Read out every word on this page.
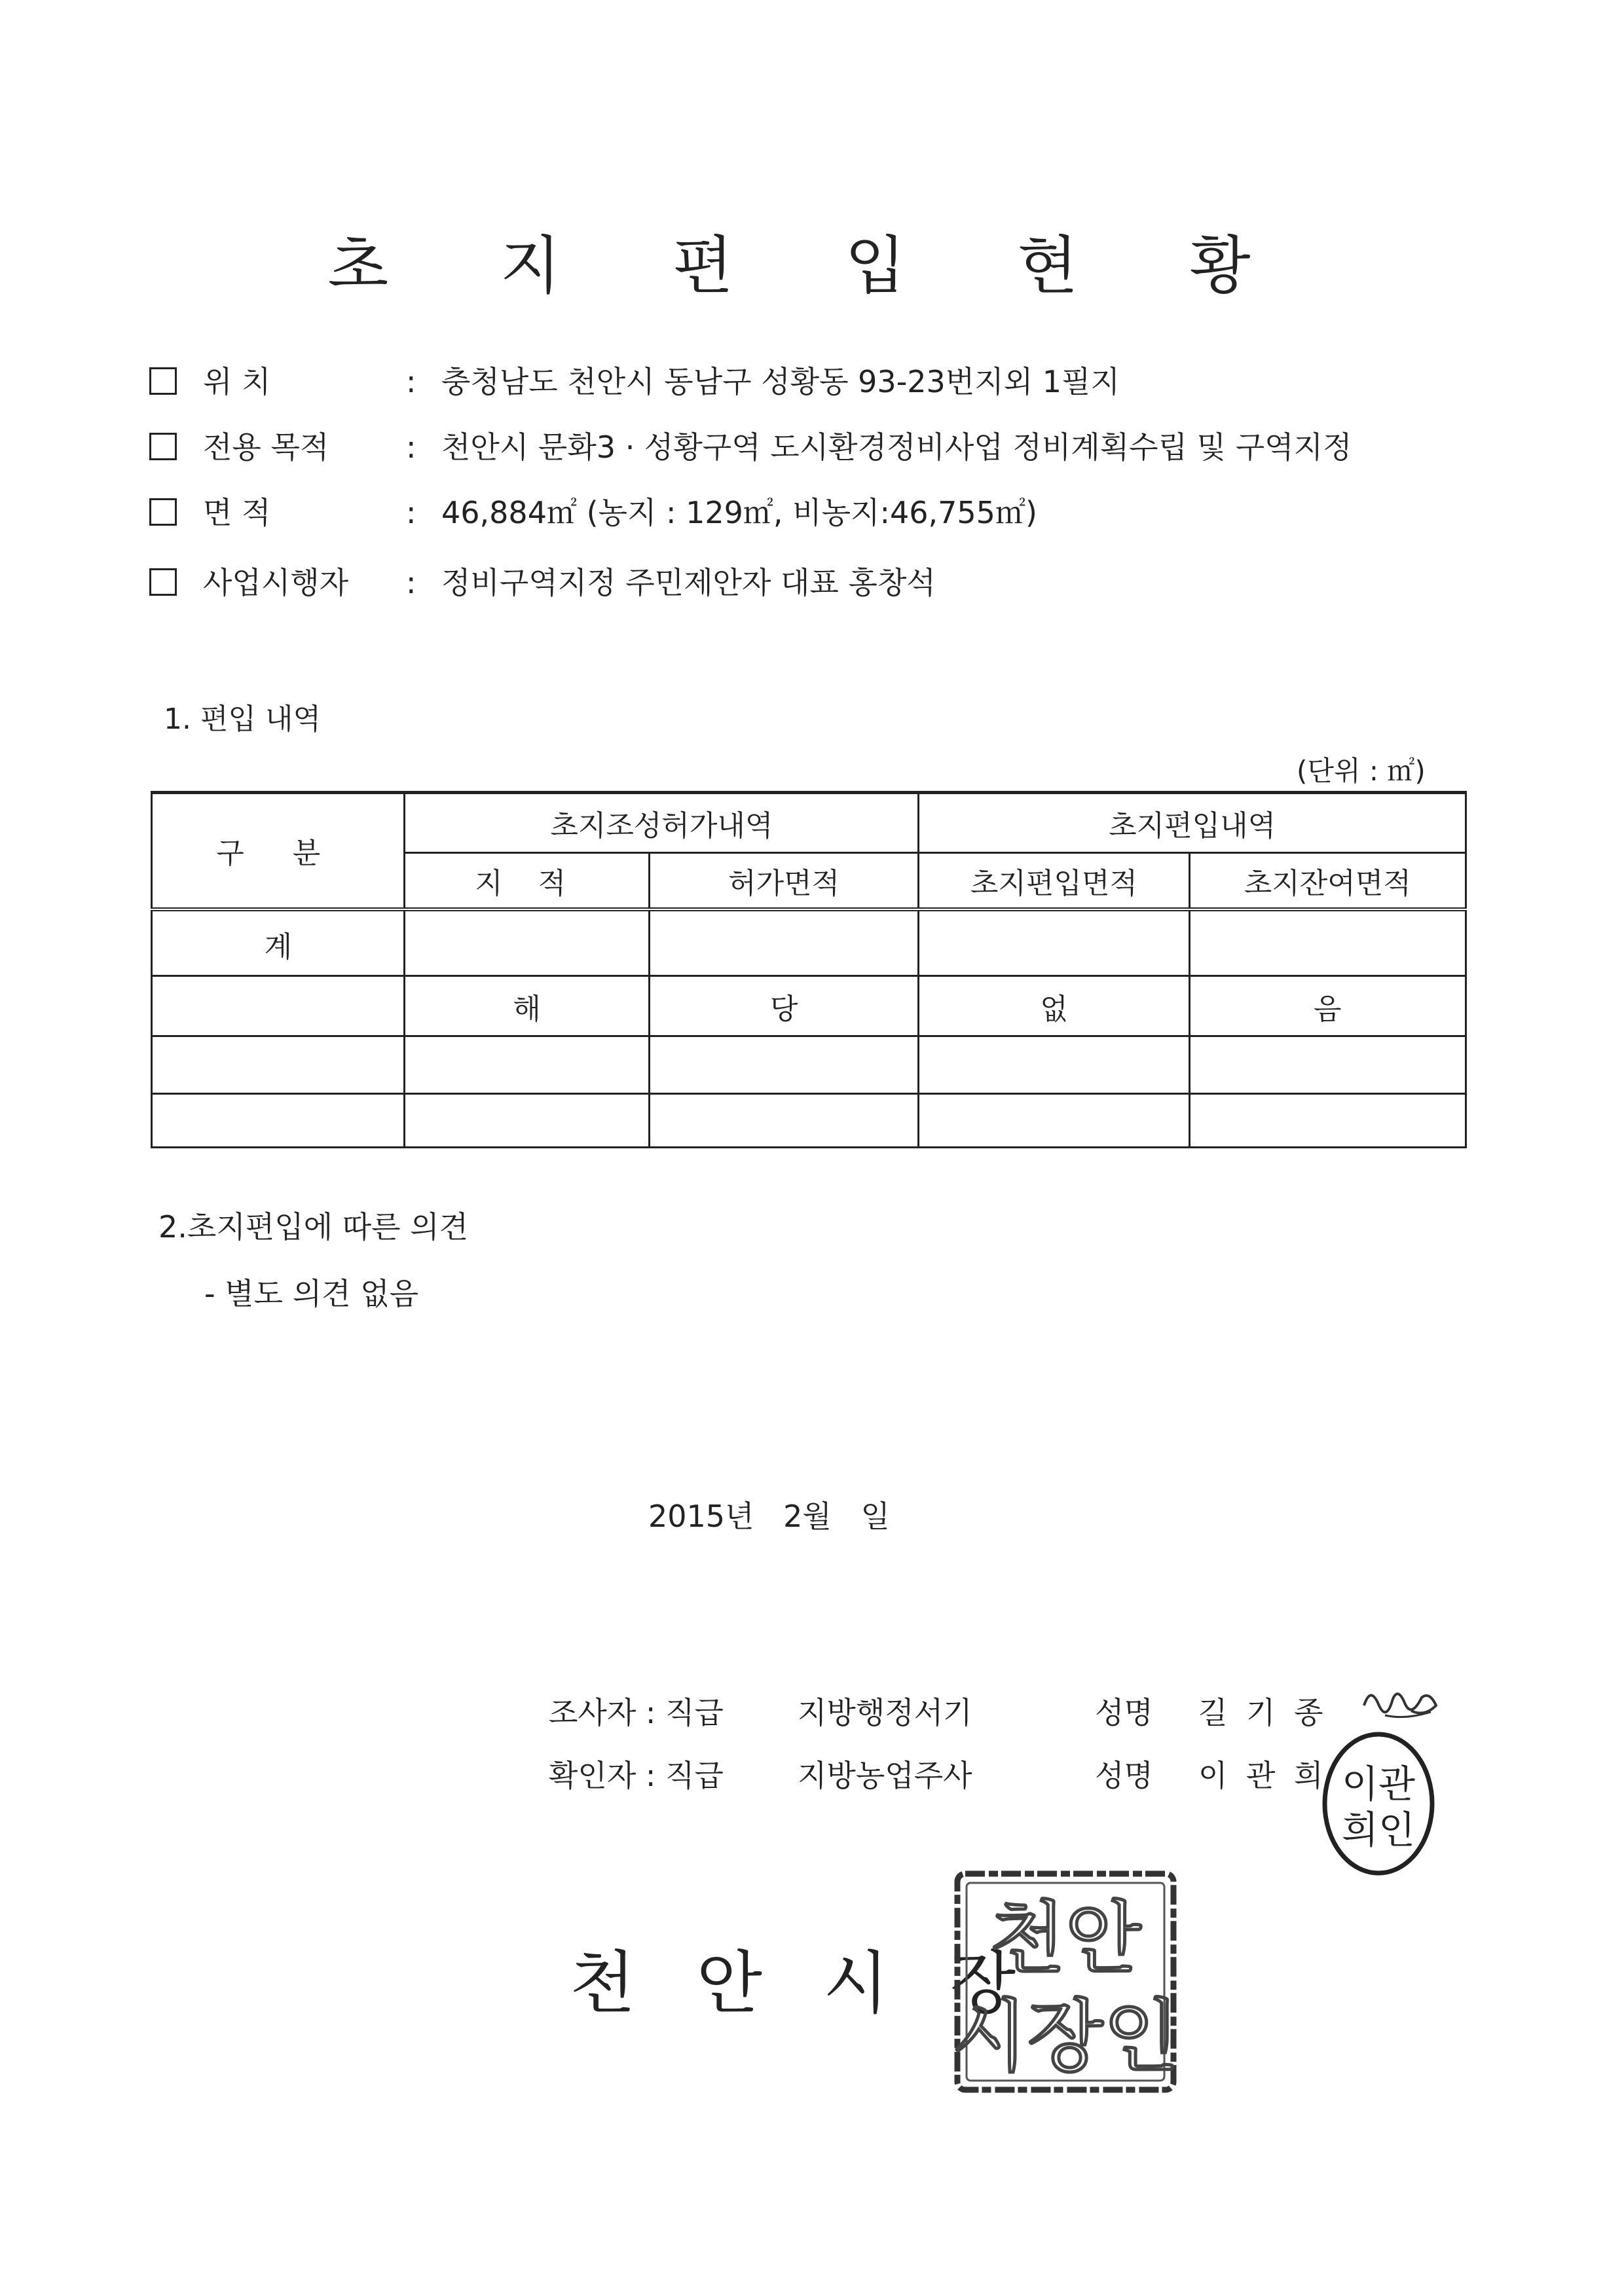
초 지 편 입 현 황
위 치	: 충청남도 천안시 동남구 성황동 93-23번지외 1필지
전용 목적	: 천안시 문화3 · 성황구역 도시환경정비사업 정비계획수립 및 구역지정
면 적	: 46,884㎡ (농지 : 129㎡, 비농지:46,755㎡)
사업시행자 : 정비구역지정 주민제안자 대표 홍창석
1. 편입 내역
(단위 : ㎡)
구 분	초지조성허가내역		초지편입내역	
	지 적	허가면적	초지편입면적	초지잔여면적
계				
	해	당	없	음

2.초지편입에 따른 의견
- 별도 의견 없음
2015년 2월 일
조사자 : 직급 지방행정서기	성명 길 기 종
확인자 : 직급 지방농업주사	성명 이 관 희 이관
희인
천 안 시 장
천안
시장인
